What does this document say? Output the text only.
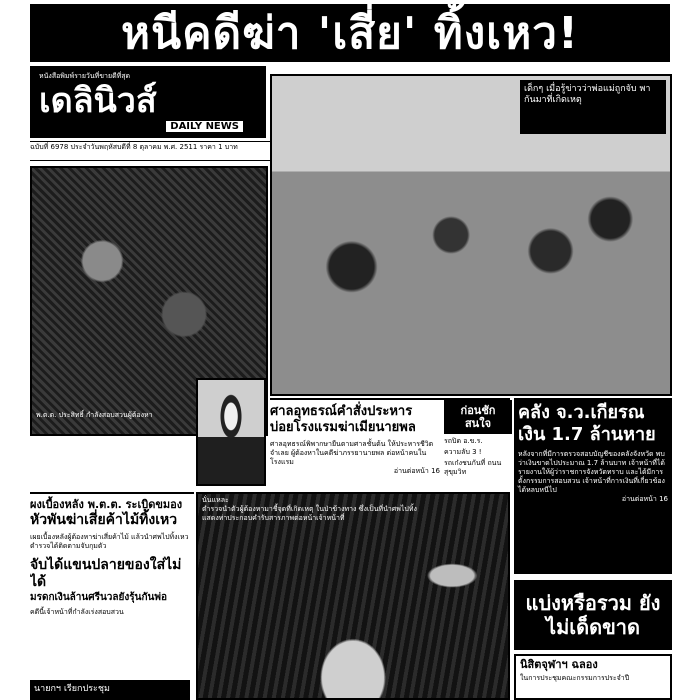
หนีคดีฆ่า 'เสี่ย' ทิ้งเหว!
หนังสือพิมพ์รายวันที่ขายดีที่สุด
เดลินิวส์
DAILY NEWS
ฉบับที่ 6978 ประจำวันพฤหัสบดีที่ 8 ตุลาคม พ.ศ. 2511 ราคา 1 บาท
พ.ต.ต. ประสิทธิ์ กำลังสอบสวนผู้ต้องหา
เด็กๆ เมื่อรู้ข่าวว่าพ่อแม่ถูกจับ พากันมาที่เกิดเหตุ
ศาลอุทธรณ์คำสั่งประหาร บ่อยโรงแรมฆ่าเมียนายพล
ศาลอุทธรณ์พิพากษายืนตามศาลชั้นต้น ให้ประหารชีวิตจำเลย ผู้ต้องหาในคดีฆ่าภรรยานายพล ต่อหน้าคนในโรงแรม
อ่านต่อหน้า 16
ก่อนชักสนใจ
รถปิด อ.ข.ร.
ความลับ 3 !
รถเก๋งชนกันที่ ถนนสุขุมวิท
คลัง จ.ว.เกียรณ เงิน 1.7 ล้านหาย
หลังจากที่มีการตรวจสอบบัญชีของคลังจังหวัด พบว่าเงินขาดไปประมาณ 1.7 ล้านบาท เจ้าหน้าที่ได้รายงานให้ผู้ว่าราชการจังหวัดทราบ และได้มีการตั้งกรรมการสอบสวน เจ้าหน้าที่การเงินที่เกี่ยวข้องได้หลบหนีไป
อ่านต่อหน้า 16
ผงเบื้องหลัง พ.ต.ต. ระเบิดขมอง
หัวพันฆ่าเสี่ยค้าไม้ทิ้งเหว
เผยเบื้องหลังผู้ต้องหาฆ่าเสี่ยค้าไม้ แล้วนำศพไปทิ้งเหว ตำรวจได้ติดตามจับกุมตัว
จับได้แขนปลายของใส่ไม่ได้
มรดกเงินล้านศรีนวลยังรุ้นกันพ่อ
คดีนี้เจ้าหน้าที่กำลังเร่งสอบสวน
นั่นแหละ
ตำรวจนำตัวผู้ต้องหามาชี้จุดที่เกิดเหตุ ในป่าข้างทาง ซึ่งเป็นที่นำศพไปทิ้ง แสดงท่าประกอบคำรับสารภาพต่อหน้าเจ้าหน้าที่
แบ่งหรือรวม ยังไม่เด็ดขาด
นายกฯ เรียกประชุม
นิสิตจุฬาฯ ฉลอง
ในการประชุมคณะกรรมการประจำปี
